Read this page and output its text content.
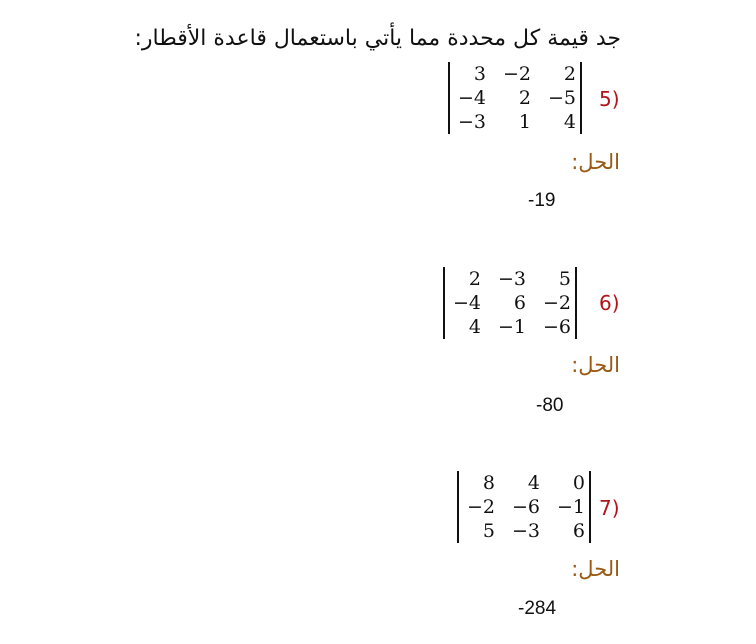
جد قيمة كل محددة مما يأتي باستعمال قاعدة الأقطار:
5)
3	−2	2
−4	2	−5
−3	1	4
الحل:
-19
6)
2	−3	5
−4	6	−2
4	−1	−6
الحل:
-80
7)
8	4	0
−2	−6	−1
5	−3	6
الحل:
-284
